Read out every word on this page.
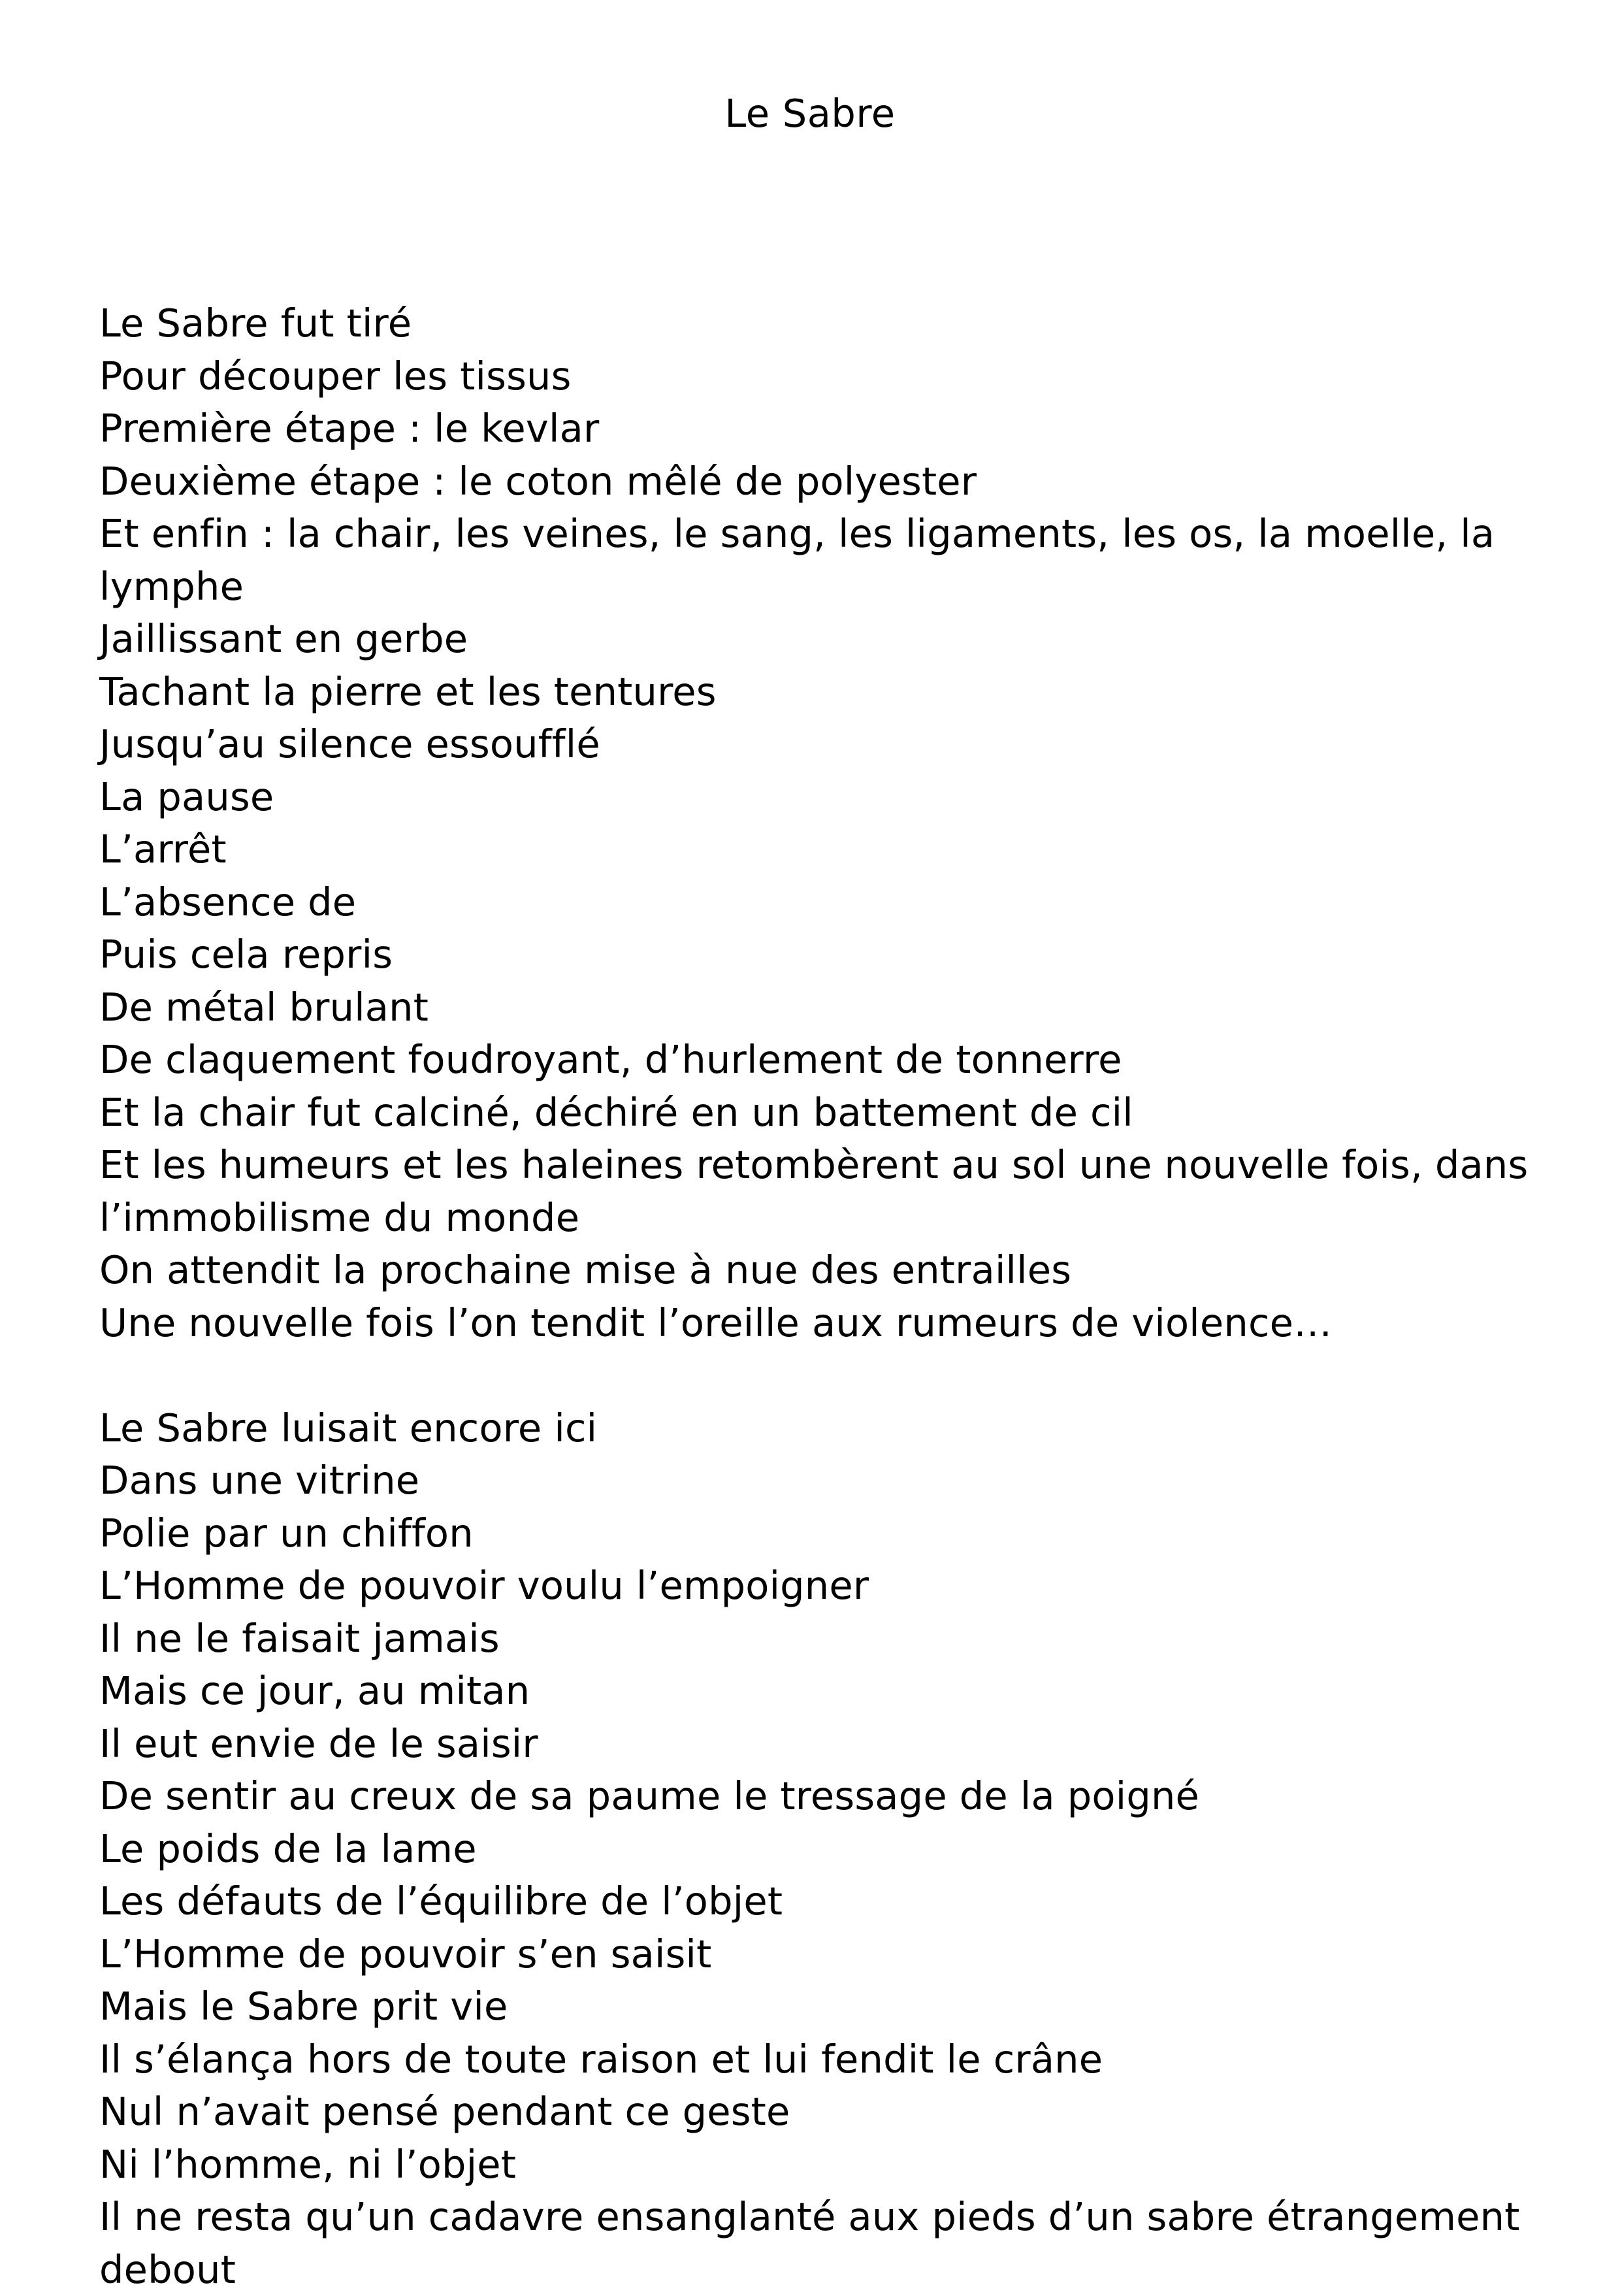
Le Sabre
Le Sabre fut tiré
Pour découper les tissus
Première étape : le kevlar
Deuxième étape : le coton mêlé de polyester
Et enfin : la chair, les veines, le sang, les ligaments, les os, la moelle, la
lymphe
Jaillissant en gerbe
Tachant la pierre et les tentures
Jusqu’au silence essoufflé
La pause
L’arrêt
L’absence de
Puis cela repris
De métal brulant
De claquement foudroyant, d’hurlement de tonnerre
Et la chair fut calciné, déchiré en un battement de cil
Et les humeurs et les haleines retombèrent au sol une nouvelle fois, dans
l’immobilisme du monde
On attendit la prochaine mise à nue des entrailles
Une nouvelle fois l’on tendit l’oreille aux rumeurs de violence…
Le Sabre luisait encore ici
Dans une vitrine
Polie par un chiffon
L’Homme de pouvoir voulu l’empoigner
Il ne le faisait jamais
Mais ce jour, au mitan
Il eut envie de le saisir
De sentir au creux de sa paume le tressage de la poigné
Le poids de la lame
Les défauts de l’équilibre de l’objet
L’Homme de pouvoir s’en saisit
Mais le Sabre prit vie
Il s’élança hors de toute raison et lui fendit le crâne
Nul n’avait pensé pendant ce geste
Ni l’homme, ni l’objet
Il ne resta qu’un cadavre ensanglanté aux pieds d’un sabre étrangement
debout
